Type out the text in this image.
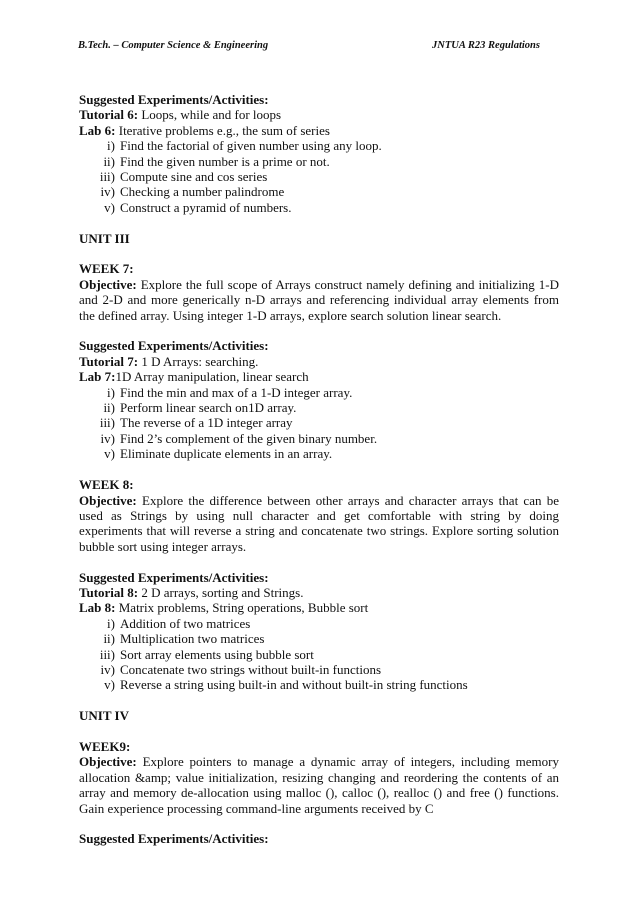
B.Tech. – Computer Science & Engineering	JNTUA R23 Regulations
Suggested Experiments/Activities:
Tutorial 6: Loops, while and for loops
Lab 6: Iterative problems e.g., the sum of series
i) Find the factorial of given number using any loop.
ii) Find the given number is a prime or not.
iii) Compute sine and cos series
iv) Checking a number palindrome
v) Construct a pyramid of numbers.
UNIT III
WEEK 7:
Objective: Explore the full scope of Arrays construct namely defining and initializing 1-D and 2-D and more generically n-D arrays and referencing individual array elements from the defined array. Using integer 1-D arrays, explore search solution linear search.
Suggested Experiments/Activities:
Tutorial 7: 1 D Arrays: searching.
Lab 7:1D Array manipulation, linear search
i) Find the min and max of a 1-D integer array.
ii) Perform linear search on1D array.
iii) The reverse of a 1D integer array
iv) Find 2’s complement of the given binary number.
v) Eliminate duplicate elements in an array.
WEEK 8:
Objective: Explore the difference between other arrays and character arrays that can be used as Strings by using null character and get comfortable with string by doing experiments that will reverse a string and concatenate two strings. Explore sorting solution bubble sort using integer arrays.
Suggested Experiments/Activities:
Tutorial 8: 2 D arrays, sorting and Strings.
Lab 8: Matrix problems, String operations, Bubble sort
i) Addition of two matrices
ii) Multiplication two matrices
iii) Sort array elements using bubble sort
iv) Concatenate two strings without built-in functions
v) Reverse a string using built-in and without built-in string functions
UNIT IV
WEEK9:
Objective: Explore pointers to manage a dynamic array of integers, including memory allocation &amp; value initialization, resizing changing and reordering the contents of an array and memory de-allocation using malloc (), calloc (), realloc () and free () functions. Gain experience processing command-line arguments received by C
Suggested Experiments/Activities:
